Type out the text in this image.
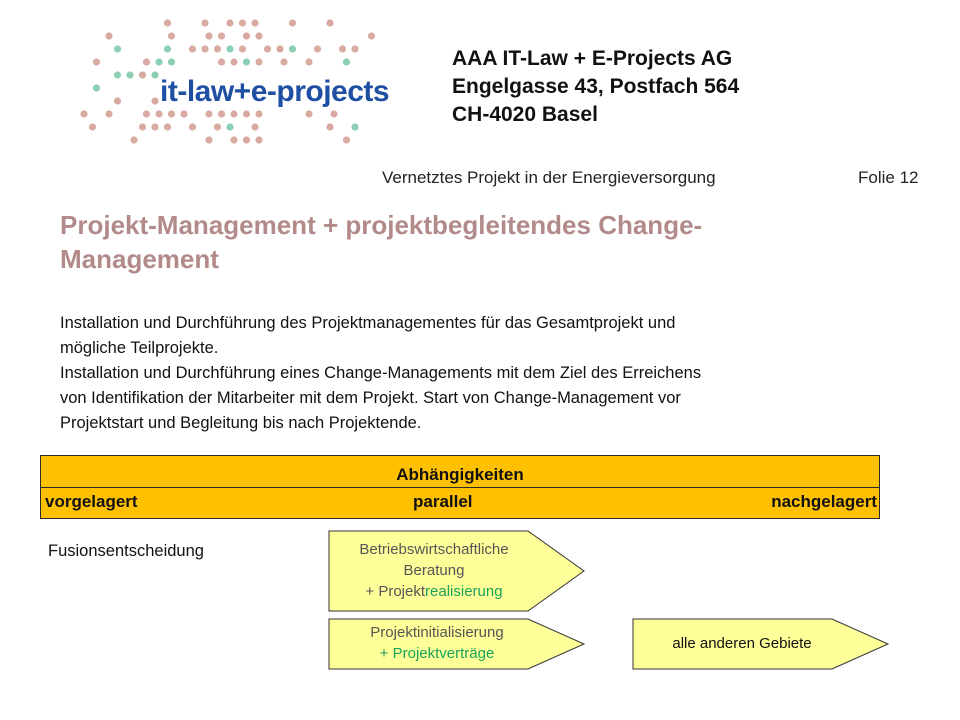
it-law+e-projects
AAA IT-Law + E-Projects AG
Engelgasse 43, Postfach 564
CH-4020 Basel
Vernetztes Projekt in der Energieversorgung	Folie 12
Projekt-Management + projektbegleitendes Change-
Management
Installation und Durchführung des Projektmanagementes für das Gesamtprojekt und
mögliche Teilprojekte.
Installation und Durchführung eines Change-Managements mit dem Ziel des Erreichens
von Identifikation der Mitarbeiter mit dem Projekt. Start von Change-Management vor
Projektstart und Begleitung bis nach Projektende.
Abhängigkeiten
vorgelagert	parallel	nachgelagert
Fusionsentscheidung	Betriebswirtschaftliche
Beratung
+ Projektrealisierung
Projektinitialisierung
+ Projektverträge
alle anderen Gebiete
